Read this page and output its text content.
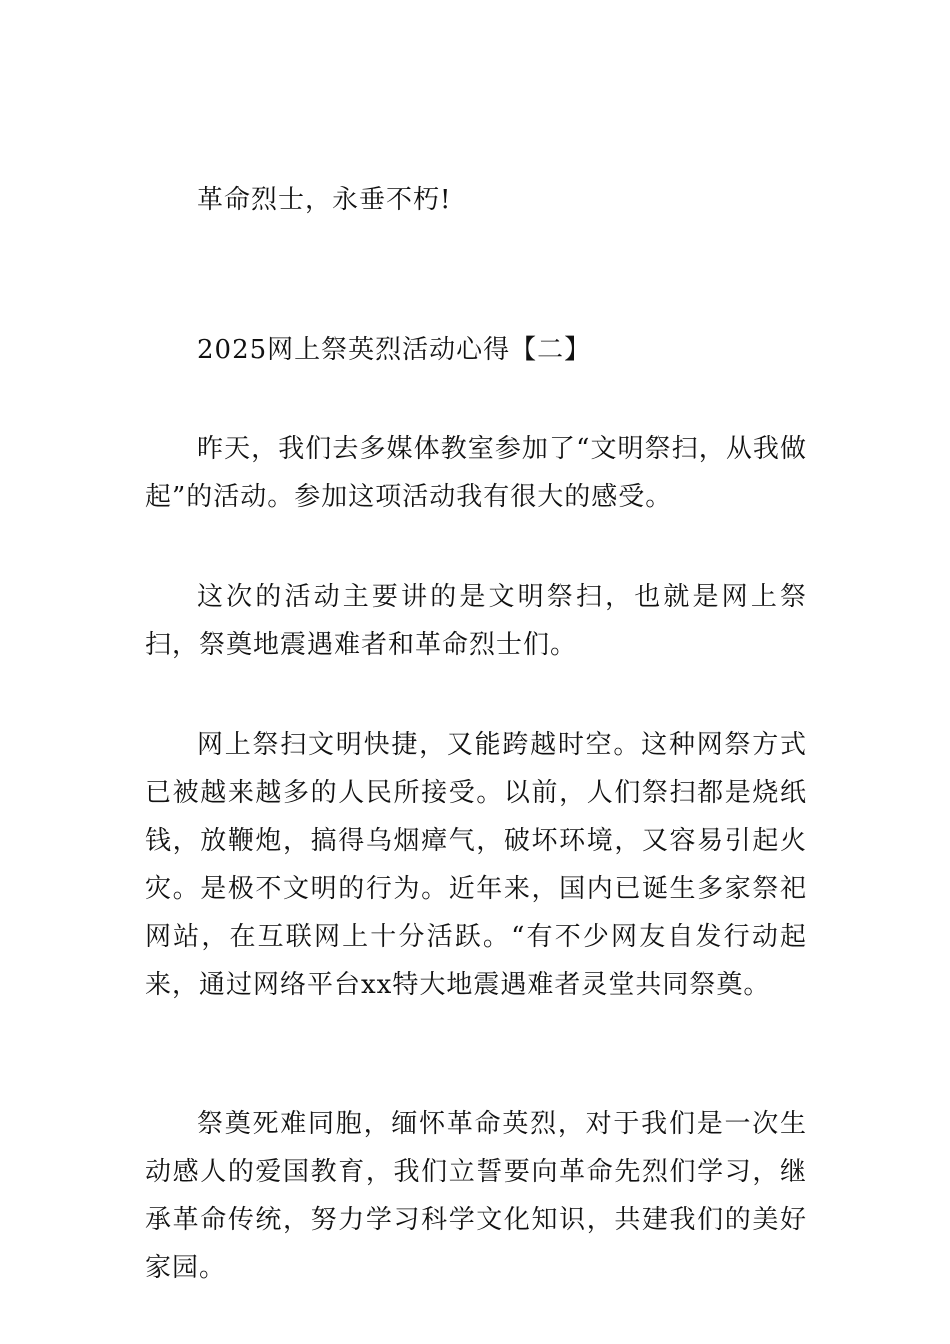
革命烈士，永垂不朽!

2025网上祭英烈活动心得【二】

昨天，我们去多媒体教室参加了“文明祭扫，从我做起”的活动。参加这项活动我有很大的感受。

这次的活动主要讲的是文明祭扫，也就是网上祭扫，祭奠地震遇难者和革命烈士们。

网上祭扫文明快捷，又能跨越时空。这种网祭方式已被越来越多的人民所接受。以前，人们祭扫都是烧纸钱，放鞭炮，搞得乌烟瘴气，破坏环境，又容易引起火灾。是极不文明的行为。近年来，国内已诞生多家祭祀网站，在互联网上十分活跃。“有不少网友自发行动起来，通过网络平台xx特大地震遇难者灵堂共同祭奠。

祭奠死难同胞，缅怀革命英烈，对于我们是一次生动感人的爱国教育，我们立誓要向革命先烈们学习，继承革命传统，努力学习科学文化知识，共建我们的美好家园。
